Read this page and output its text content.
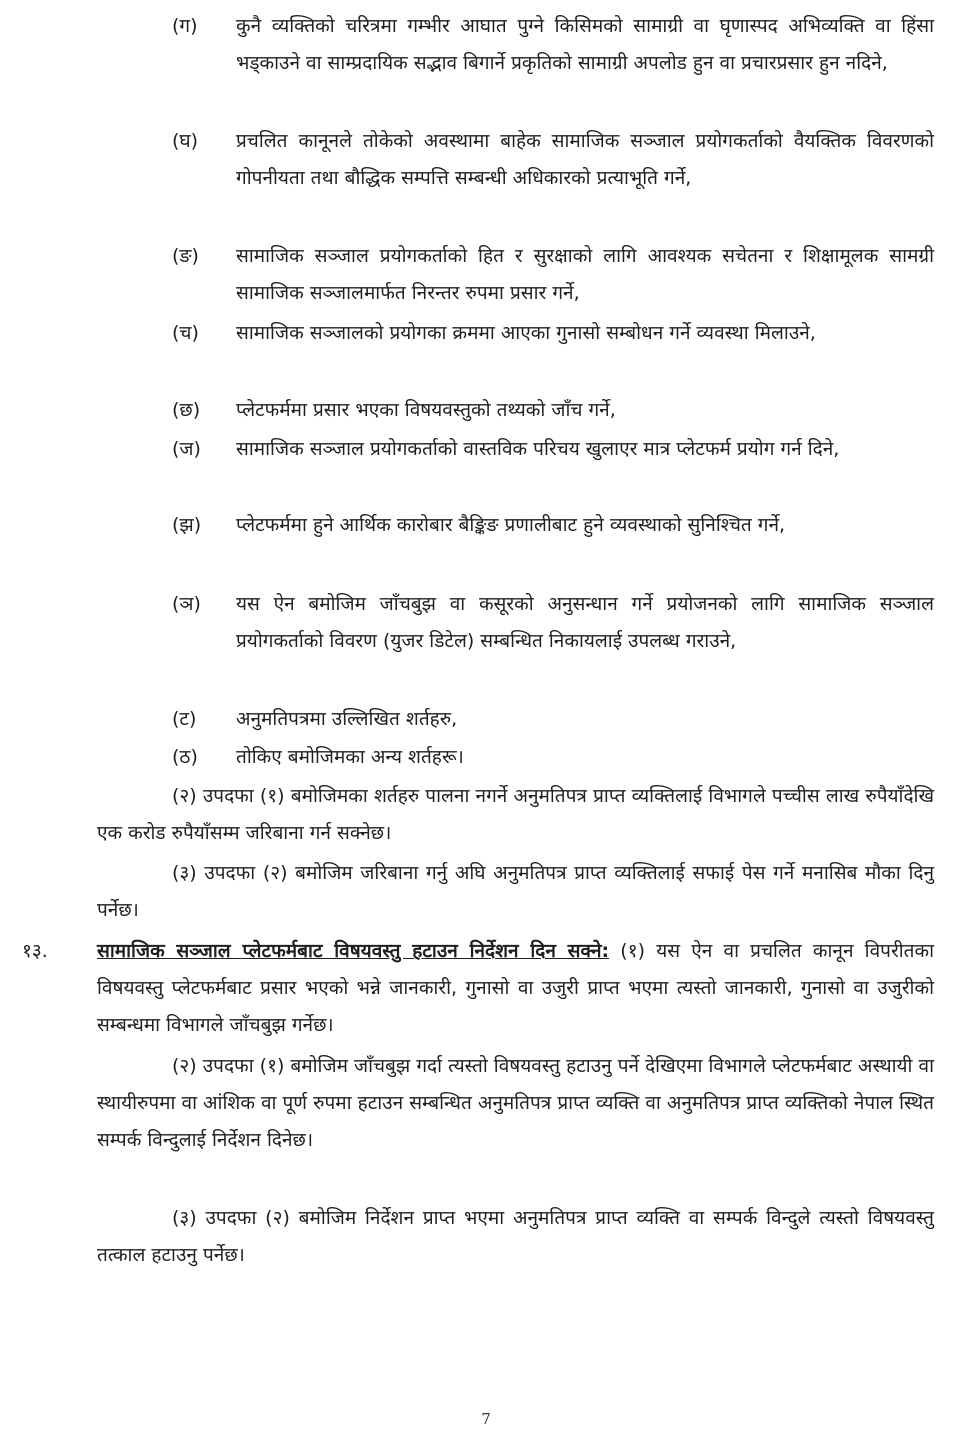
(ग)	कुनै व्यक्तिको चरित्रमा गम्भीर आघात पुग्ने किसिमको सामाग्री वा घृणास्पद अभिव्यक्ति वा हिंसा भड्काउने वा साम्प्रदायिक सद्भाव बिगार्ने प्रकृतिको सामाग्री अपलोड हुन वा प्रचारप्रसार हुन नदिने,
(घ)	प्रचलित कानूनले तोकेको अवस्थामा बाहेक सामाजिक सञ्जाल प्रयोगकर्ताको वैयक्तिक विवरणको गोपनीयता तथा बौद्धिक सम्पत्ति सम्बन्धी अधिकारको प्रत्याभूति गर्ने,
(ङ)	सामाजिक सञ्जाल प्रयोगकर्ताको हित र सुरक्षाको लागि आवश्यक सचेतना र शिक्षामूलक सामग्री सामाजिक सञ्जालमार्फत निरन्तर रुपमा प्रसार गर्ने,
(च)	सामाजिक सञ्जालको प्रयोगका क्रममा आएका गुनासो सम्बोधन गर्ने व्यवस्था मिलाउने,
(छ)	प्लेटफर्ममा प्रसार भएका विषयवस्तुको तथ्यको जाँच गर्ने,
(ज)	सामाजिक सञ्जाल प्रयोगकर्ताको वास्तविक परिचय खुलाएर मात्र प्लेटफर्म प्रयोग गर्न दिने,
(झ)	प्लेटफर्ममा हुने आर्थिक कारोबार बैङ्किङ प्रणालीबाट हुने व्यवस्थाको सुनिश्चित गर्ने,
(ञ)	यस ऐन बमोजिम जाँचबुझ वा कसूरको अनुसन्धान गर्ने प्रयोजनको लागि सामाजिक सञ्जाल प्रयोगकर्ताको विवरण (युजर डिटेल) सम्बन्धित निकायलाई उपलब्ध गराउने,
(ट)	अनुमतिपत्रमा उल्लिखित शर्तहरु,
(ठ)	तोकिए बमोजिमका अन्य शर्तहरू।
(२) उपदफा (१) बमोजिमका शर्तहरु पालना नगर्ने अनुमतिपत्र प्राप्त व्यक्तिलाई विभागले पच्चीस लाख रुपैयाँदेखि एक करोड रुपैयाँसम्म जरिबाना गर्न सक्नेछ।
(३) उपदफा (२) बमोजिम जरिबाना गर्नु अघि अनुमतिपत्र प्राप्त व्यक्तिलाई सफाई पेस गर्ने मनासिब मौका दिनु पर्नेछ।
१३.	सामाजिक सञ्जाल प्लेटफर्मबाट विषयवस्तु हटाउन निर्देशन दिन सक्ने: (१) यस ऐन वा प्रचलित कानून विपरीतका विषयवस्तु प्लेटफर्मबाट प्रसार भएको भन्ने जानकारी, गुनासो वा उजुरी प्राप्त भएमा त्यस्तो जानकारी, गुनासो वा उजुरीको सम्बन्धमा विभागले जाँचबुझ गर्नेछ।
(२) उपदफा (१) बमोजिम जाँचबुझ गर्दा त्यस्तो विषयवस्तु हटाउनु पर्ने देखिएमा विभागले प्लेटफर्मबाट अस्थायी वा स्थायीरुपमा वा आंशिक वा पूर्ण रुपमा हटाउन सम्बन्धित अनुमतिपत्र प्राप्त व्यक्ति वा अनुमतिपत्र प्राप्त व्यक्तिको नेपाल स्थित सम्पर्क विन्दुलाई निर्देशन दिनेछ।
(३) उपदफा (२) बमोजिम निर्देशन प्राप्त भएमा अनुमतिपत्र प्राप्त व्यक्ति वा सम्पर्क विन्दुले त्यस्तो विषयवस्तु तत्काल हटाउनु पर्नेछ।
7
